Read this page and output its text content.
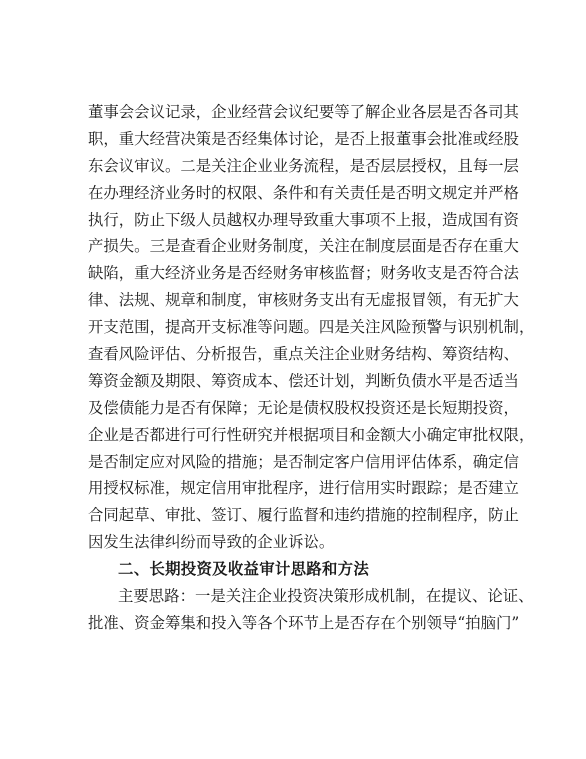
董事会会议记录，企业经营会议纪要等了解企业各层是否各司其
职，重大经营决策是否经集体讨论，是否上报董事会批准或经股
东会议审议。二是关注企业业务流程，是否层层授权，且每一层
在办理经济业务时的权限、条件和有关责任是否明文规定并严格
执行，防止下级人员越权办理导致重大事项不上报，造成国有资
产损失。三是查看企业财务制度，关注在制度层面是否存在重大
缺陷，重大经济业务是否经财务审核监督；财务收支是否符合法
律、法规、规章和制度，审核财务支出有无虚报冒领，有无扩大
开支范围，提高开支标准等问题。四是关注风险预警与识别机制，
查看风险评估、分析报告，重点关注企业财务结构、筹资结构、
筹资金额及期限、筹资成本、偿还计划，判断负债水平是否适当
及偿债能力是否有保障；无论是债权股权投资还是长短期投资，
企业是否都进行可行性研究并根据项目和金额大小确定审批权限，
是否制定应对风险的措施；是否制定客户信用评估体系，确定信
用授权标准，规定信用审批程序，进行信用实时跟踪；是否建立
合同起草、审批、签订、履行监督和违约措施的控制程序，防止
因发生法律纠纷而导致的企业诉讼。
二、长期投资及收益审计思路和方法
主要思路：一是关注企业投资决策形成机制，在提议、论证、
批准、资金筹集和投入等各个环节上是否存在个别领导“拍脑门”
